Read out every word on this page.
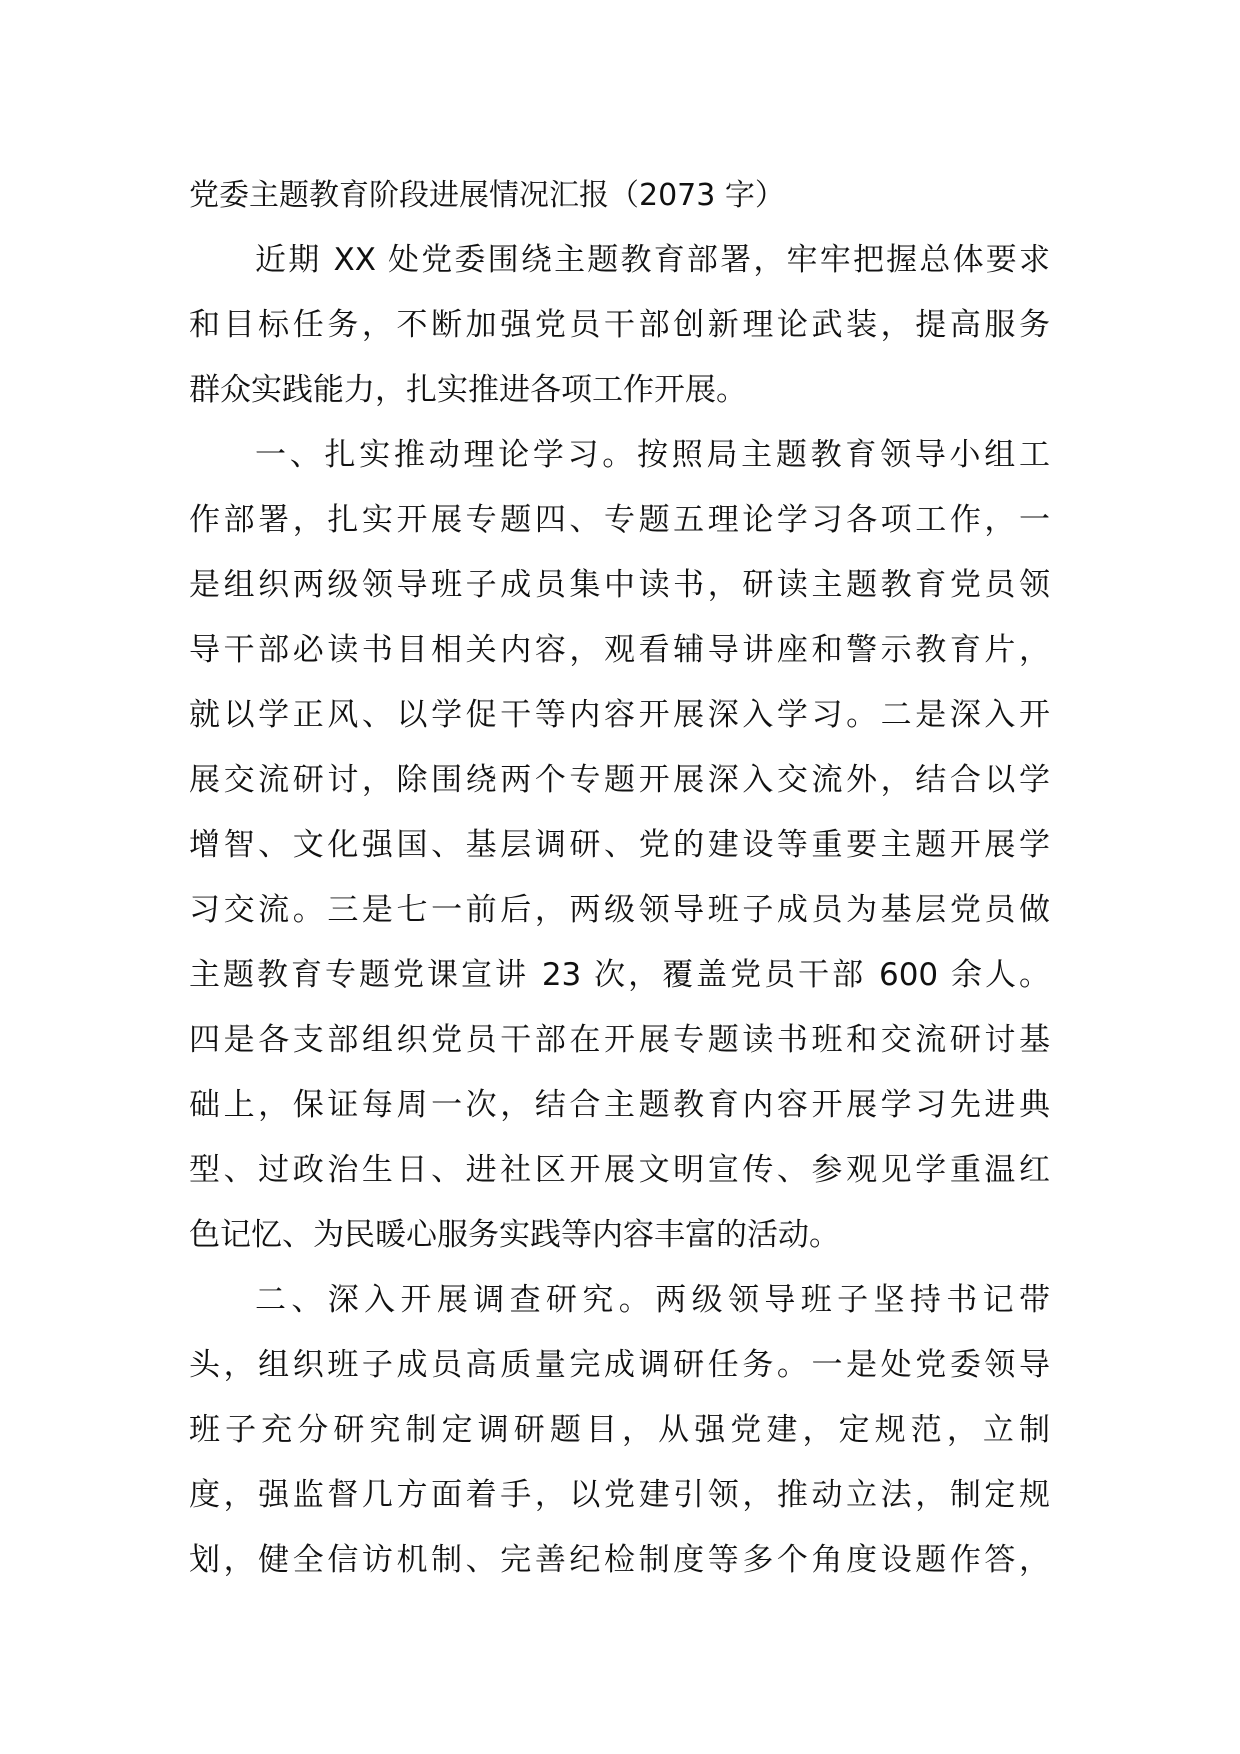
党委主题教育阶段进展情况汇报（2073 字）
近期 XX 处党委围绕主题教育部署，牢牢把握总体要求
和目标任务，不断加强党员干部创新理论武装，提高服务
群众实践能力，扎实推进各项工作开展。
一、扎实推动理论学习。按照局主题教育领导小组工
作部署，扎实开展专题四、专题五理论学习各项工作，一
是组织两级领导班子成员集中读书，研读主题教育党员领
导干部必读书目相关内容，观看辅导讲座和警示教育片，
就以学正风、以学促干等内容开展深入学习。二是深入开
展交流研讨，除围绕两个专题开展深入交流外，结合以学
增智、文化强国、基层调研、党的建设等重要主题开展学
习交流。三是七一前后，两级领导班子成员为基层党员做
主题教育专题党课宣讲 23 次，覆盖党员干部 600 余人。
四是各支部组织党员干部在开展专题读书班和交流研讨基
础上，保证每周一次，结合主题教育内容开展学习先进典
型、过政治生日、进社区开展文明宣传、参观见学重温红
色记忆、为民暖心服务实践等内容丰富的活动。
二、深入开展调查研究。两级领导班子坚持书记带
头，组织班子成员高质量完成调研任务。一是处党委领导
班子充分研究制定调研题目，从强党建，定规范，立制
度，强监督几方面着手，以党建引领，推动立法，制定规
划，健全信访机制、完善纪检制度等多个角度设题作答，
